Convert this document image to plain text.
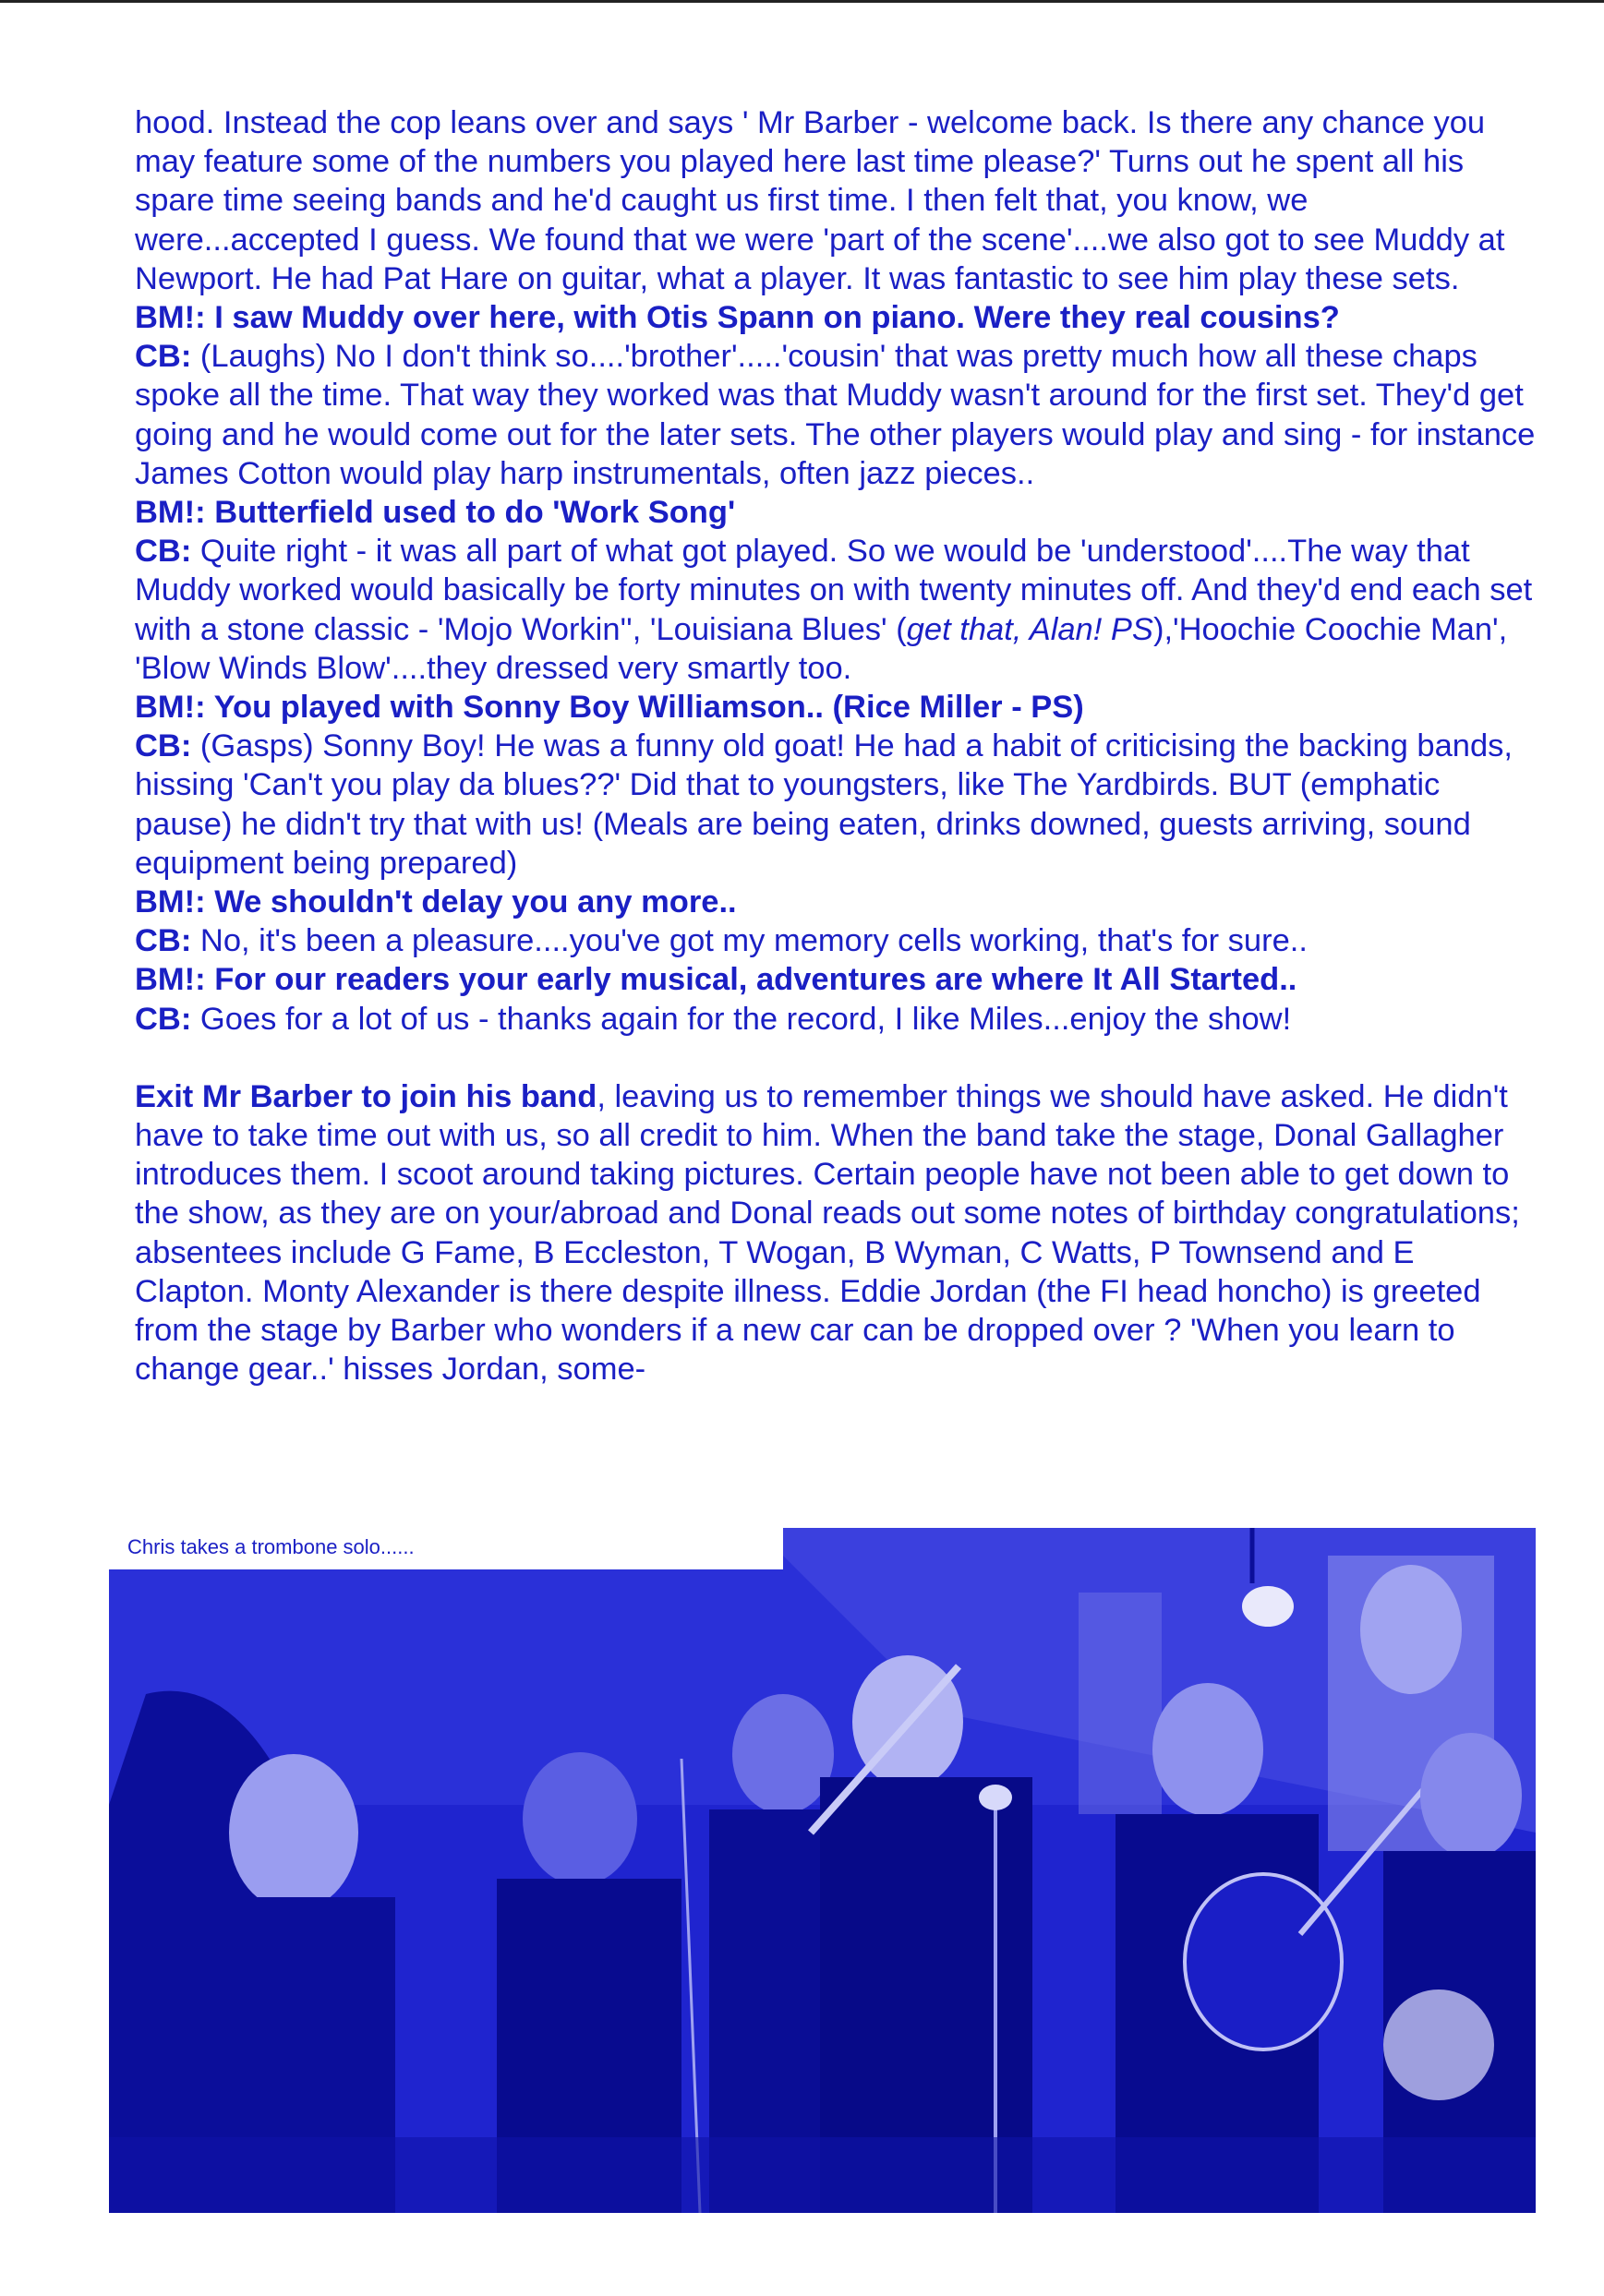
hood. Instead the cop leans over and says ' Mr Barber - welcome back. Is there any chance you may feature some of the numbers you played here last time please?' Turns out he spent all his spare time seeing bands and he'd caught us first time. I then felt that, you know, we were...accepted I guess. We found that we were 'part of the scene'....we also got to see Muddy at Newport. He had Pat Hare on guitar, what a player. It was fantastic to see him play these sets.

BM!: I saw Muddy over here, with Otis Spann on piano. Were they real cousins?

CB: (Laughs) No I don't think so....'brother'.....'cousin' that was pretty much how all these chaps spoke all the time. That way they worked was that Muddy wasn't around for the first set. They'd get going and he would come out for the later sets. The other players would play and sing - for instance James Cotton would play harp instrumentals, often jazz pieces..

BM!: Butterfield used to do 'Work Song'

CB: Quite right - it was all part of what got played. So we would be 'understood'....The way that Muddy worked would basically be forty minutes on with twenty minutes off. And they'd end each set with a stone classic - 'Mojo Workin'', 'Louisiana Blues' (get that, Alan! PS),'Hoochie Coochie Man', 'Blow Winds Blow'....they dressed very smartly too.

BM!: You played with Sonny Boy Williamson.. (Rice Miller - PS)

CB: (Gasps) Sonny Boy! He was a funny old goat! He had a habit of criticising the backing bands, hissing 'Can't you play da blues??' Did that to youngsters, like The Yardbirds. BUT (emphatic pause) he didn't try that with us! (Meals are being eaten, drinks downed, guests arriving, sound equipment being prepared)

BM!: We shouldn't delay you any more..

CB: No, it's been a pleasure....you've got my memory cells working, that's for sure..

BM!: For our readers your early musical, adventures are where It All Started..

CB: Goes for a lot of us - thanks again for the record, I like Miles...enjoy the show!

Exit Mr Barber to join his band, leaving us to remember things we should have asked. He didn't have to take time out with us, so all credit to him. When the band take the stage, Donal Gallagher introduces them. I scoot around taking pictures. Certain people have not been able to get down to the show, as they are on your/abroad and Donal reads out some notes of birthday congratulations; absentees include G Fame, B Eccleston, T Wogan, B Wyman, C Watts, P Townsend and E Clapton. Monty Alexander is there despite illness. Eddie Jordan (the FI head honcho) is greeted from the stage by Barber who wonders if a new car can be dropped over ? 'When you learn to change gear..' hisses Jordan, some-

Chris takes a trombone solo......
